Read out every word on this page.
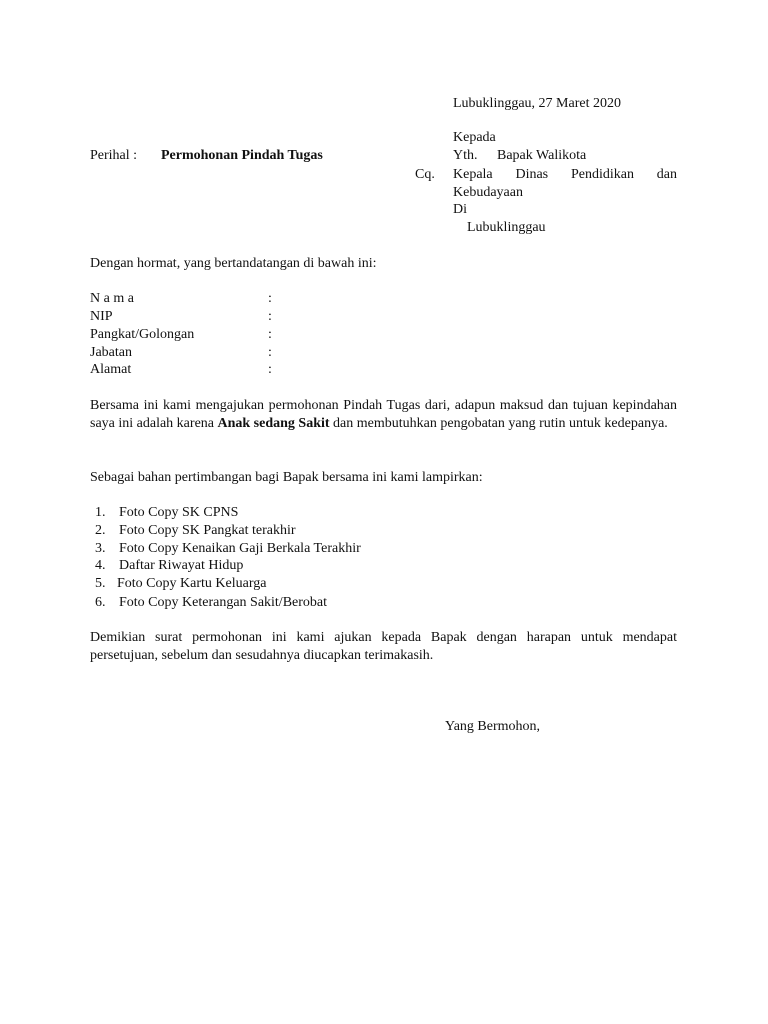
Lubuklinggau, 27 Maret 2020
Kepada
Perihal : Permohonan Pindah Tugas	Yth. Bapak Walikota
Cq. Kepala Dinas Pendidikan dan
Kebudayaan
Di
Lubuklinggau
Dengan hormat, yang bertandatangan di bawah ini:
N a m a	:
NIP	:
Pangkat/Golongan	:
Jabatan	:
Alamat	:
Bersama ini kami mengajukan permohonan Pindah Tugas dari, adapun maksud dan tujuan kepindahan saya ini adalah karena Anak sedang Sakit dan membutuhkan pengobatan yang rutin untuk kedepanya.
Sebagai bahan pertimbangan bagi Bapak bersama ini kami lampirkan:
1. Foto Copy SK CPNS
2. Foto Copy SK Pangkat terakhir
3. Foto Copy Kenaikan Gaji Berkala Terakhir
4. Daftar Riwayat Hidup
5. Foto Copy Kartu Keluarga
6. Foto Copy Keterangan Sakit/Berobat
Demikian surat permohonan ini kami ajukan kepada Bapak dengan harapan untuk mendapat persetujuan, sebelum dan sesudahnya diucapkan terimakasih.
Yang Bermohon,
